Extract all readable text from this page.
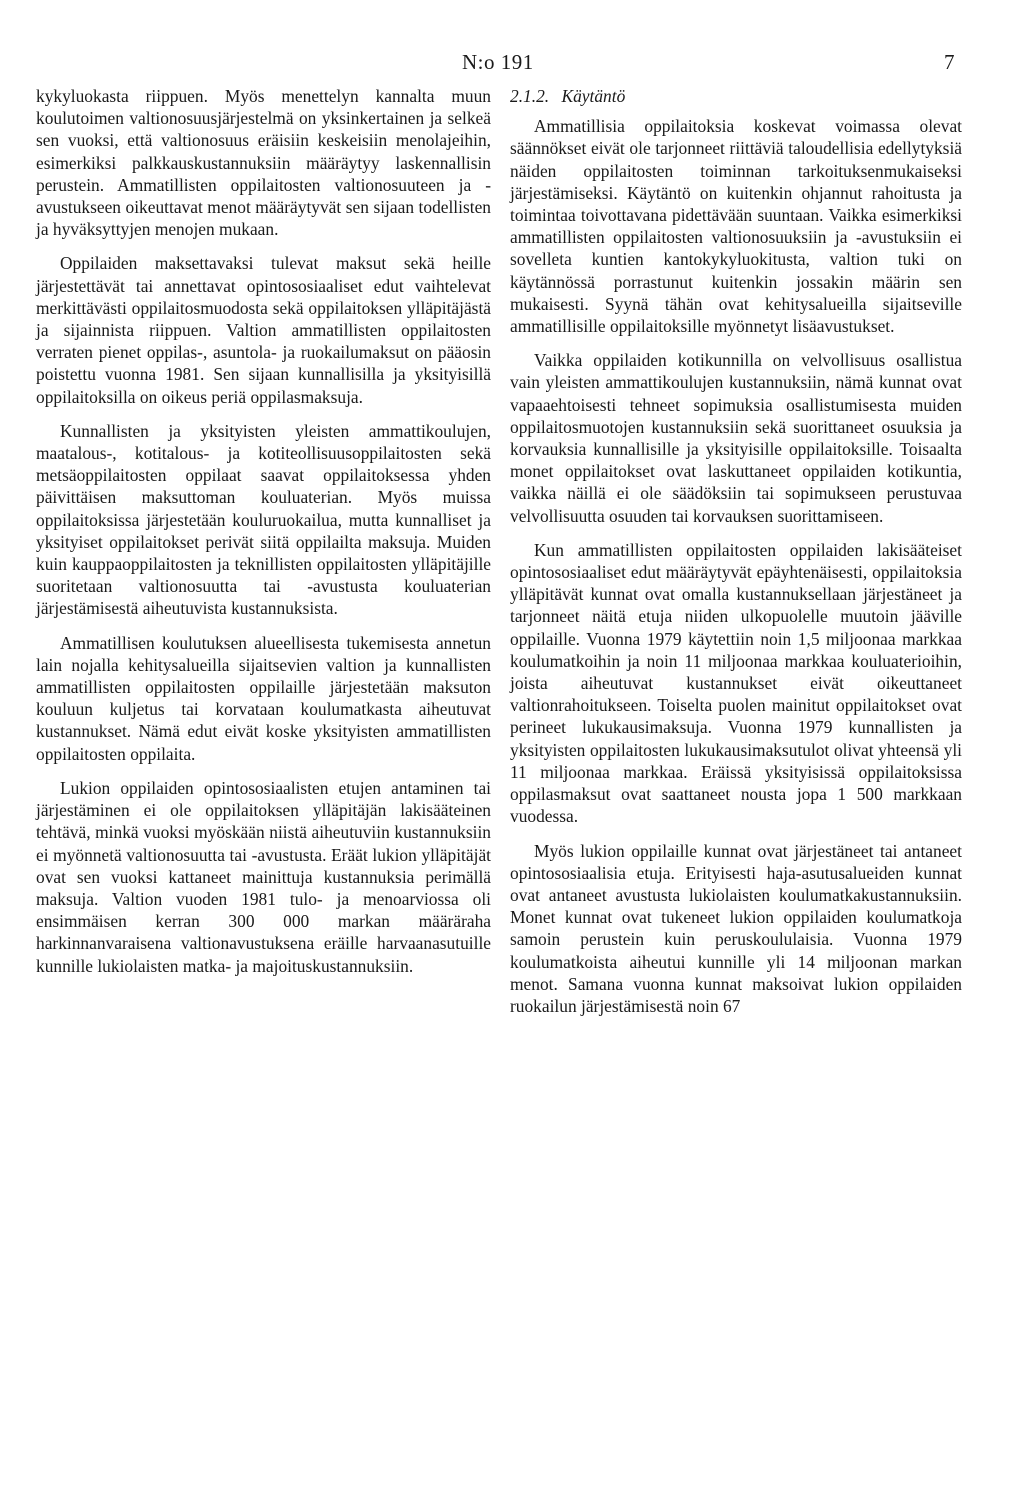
N:o 191	7

kykyluokasta riippuen. Myös menettelyn kannalta muun koulutoimen valtionosuusjärjestelmä on yksinkertainen ja selkeä sen vuoksi, että valtionosuus eräisiin keskeisiin menolajeihin, esimerkiksi palkkauskustannuksiin määräytyy laskennallisin perustein. Ammatillisten oppilaitosten valtionosuuteen ja -avustukseen oikeuttavat menot määräytyvät sen sijaan todellisten ja hyväksyttyjen menojen mukaan.

Oppilaiden maksettavaksi tulevat maksut sekä heille järjestettävät tai annettavat opintososiaaliset edut vaihtelevat merkittävästi oppilaitosmuodosta sekä oppilaitoksen ylläpitäjästä ja sijainnista riippuen. Valtion ammatillisten oppilaitosten verraten pienet oppilas-, asuntola- ja ruokailumaksut on pääosin poistettu vuonna 1981. Sen sijaan kunnallisilla ja yksityisillä oppilaitoksilla on oikeus periä oppilasmaksuja.

Kunnallisten ja yksityisten yleisten ammattikoulujen, maatalous-, kotitalous- ja kotiteollisuusoppilaitosten sekä metsäoppilaitosten oppilaat saavat oppilaitoksessa yhden päivittäisen maksuttoman kouluaterian. Myös muissa oppilaitoksissa järjestetään kouluruokailua, mutta kunnalliset ja yksityiset oppilaitokset perivät siitä oppilailta maksuja. Muiden kuin kauppaoppilaitosten ja teknillisten oppilaitosten ylläpitäjille suoritetaan valtionosuutta tai -avustusta kouluaterian järjestämisestä aiheutuvista kustannuksista.

Ammatillisen koulutuksen alueellisesta tukemisesta annetun lain nojalla kehitysalueilla sijaitsevien valtion ja kunnallisten ammatillisten oppilaitosten oppilaille järjestetään maksuton kouluun kuljetus tai korvataan koulumatkasta aiheutuvat kustannukset. Nämä edut eivät koske yksityisten ammatillisten oppilaitosten oppilaita.

Lukion oppilaiden opintososiaalisten etujen antaminen tai järjestäminen ei ole oppilaitoksen ylläpitäjän lakisääteinen tehtävä, minkä vuoksi myöskään niistä aiheutuviin kustannuksiin ei myönnetä valtionosuutta tai -avustusta. Eräät lukion ylläpitäjät ovat sen vuoksi kattaneet mainittuja kustannuksia perimällä maksuja. Valtion vuoden 1981 tulo- ja menoarviossa oli ensimmäisen kerran 300 000 markan määräraha harkinnanvaraisena valtionavustuksena eräille harvaanasutuille kunnille lukiolaisten matka- ja majoituskustannuksiin.

2.1.2. Käytäntö

Ammatillisia oppilaitoksia koskevat voimassa olevat säännökset eivät ole tarjonneet riittäviä taloudellisia edellytyksiä näiden oppilaitosten toiminnan tarkoituksenmukaiseksi järjestämiseksi. Käytäntö on kuitenkin ohjannut rahoitusta ja toimintaa toivottavana pidettävään suuntaan. Vaikka esimerkiksi ammatillisten oppilaitosten valtionosuuksiin ja -avustuksiin ei sovelleta kuntien kantokykyluokitusta, valtion tuki on käytännössä porrastunut kuitenkin jossakin määrin sen mukaisesti. Syynä tähän ovat kehitysalueilla sijaitseville ammatillisille oppilaitoksille myönnetyt lisäavustukset.

Vaikka oppilaiden kotikunnilla on velvollisuus osallistua vain yleisten ammattikoulujen kustannuksiin, nämä kunnat ovat vapaaehtoisesti tehneet sopimuksia osallistumisesta muiden oppilaitosmuotojen kustannuksiin sekä suorittaneet osuuksia ja korvauksia kunnallisille ja yksityisille oppilaitoksille. Toisaalta monet oppilaitokset ovat laskuttaneet oppilaiden kotikuntia, vaikka näillä ei ole säädöksiin tai sopimukseen perustuvaa velvollisuutta osuuden tai korvauksen suorittamiseen.

Kun ammatillisten oppilaitosten oppilaiden lakisääteiset opintososiaaliset edut määräytyvät epäyhtenäisesti, oppilaitoksia ylläpitävät kunnat ovat omalla kustannuksellaan järjestäneet ja tarjonneet näitä etuja niiden ulkopuolelle muutoin jääville oppilaille. Vuonna 1979 käytettiin noin 1,5 miljoonaa markkaa koulumatkoihin ja noin 11 miljoonaa markkaa kouluaterioihin, joista aiheutuvat kustannukset eivät oikeuttaneet valtionrahoitukseen. Toiselta puolen mainitut oppilaitokset ovat perineet lukukausimaksuja. Vuonna 1979 kunnallisten ja yksityisten oppilaitosten lukukausimaksutulot olivat yhteensä yli 11 miljoonaa markkaa. Eräissä yksityisissä oppilaitoksissa oppilasmaksut ovat saattaneet nousta jopa 1 500 markkaan vuodessa.

Myös lukion oppilaille kunnat ovat järjestäneet tai antaneet opintososiaalisia etuja. Erityisesti haja-asutusalueiden kunnat ovat antaneet avustusta lukiolaisten koulumatkakustannuksiin. Monet kunnat ovat tukeneet lukion oppilaiden koulumatkoja samoin perustein kuin peruskoululaisia. Vuonna 1979 koulumatkoista aiheutui kunnille yli 14 miljoonan markan menot. Samana vuonna kunnat maksoivat lukion oppilaiden ruokailun järjestämisestä noin 67
